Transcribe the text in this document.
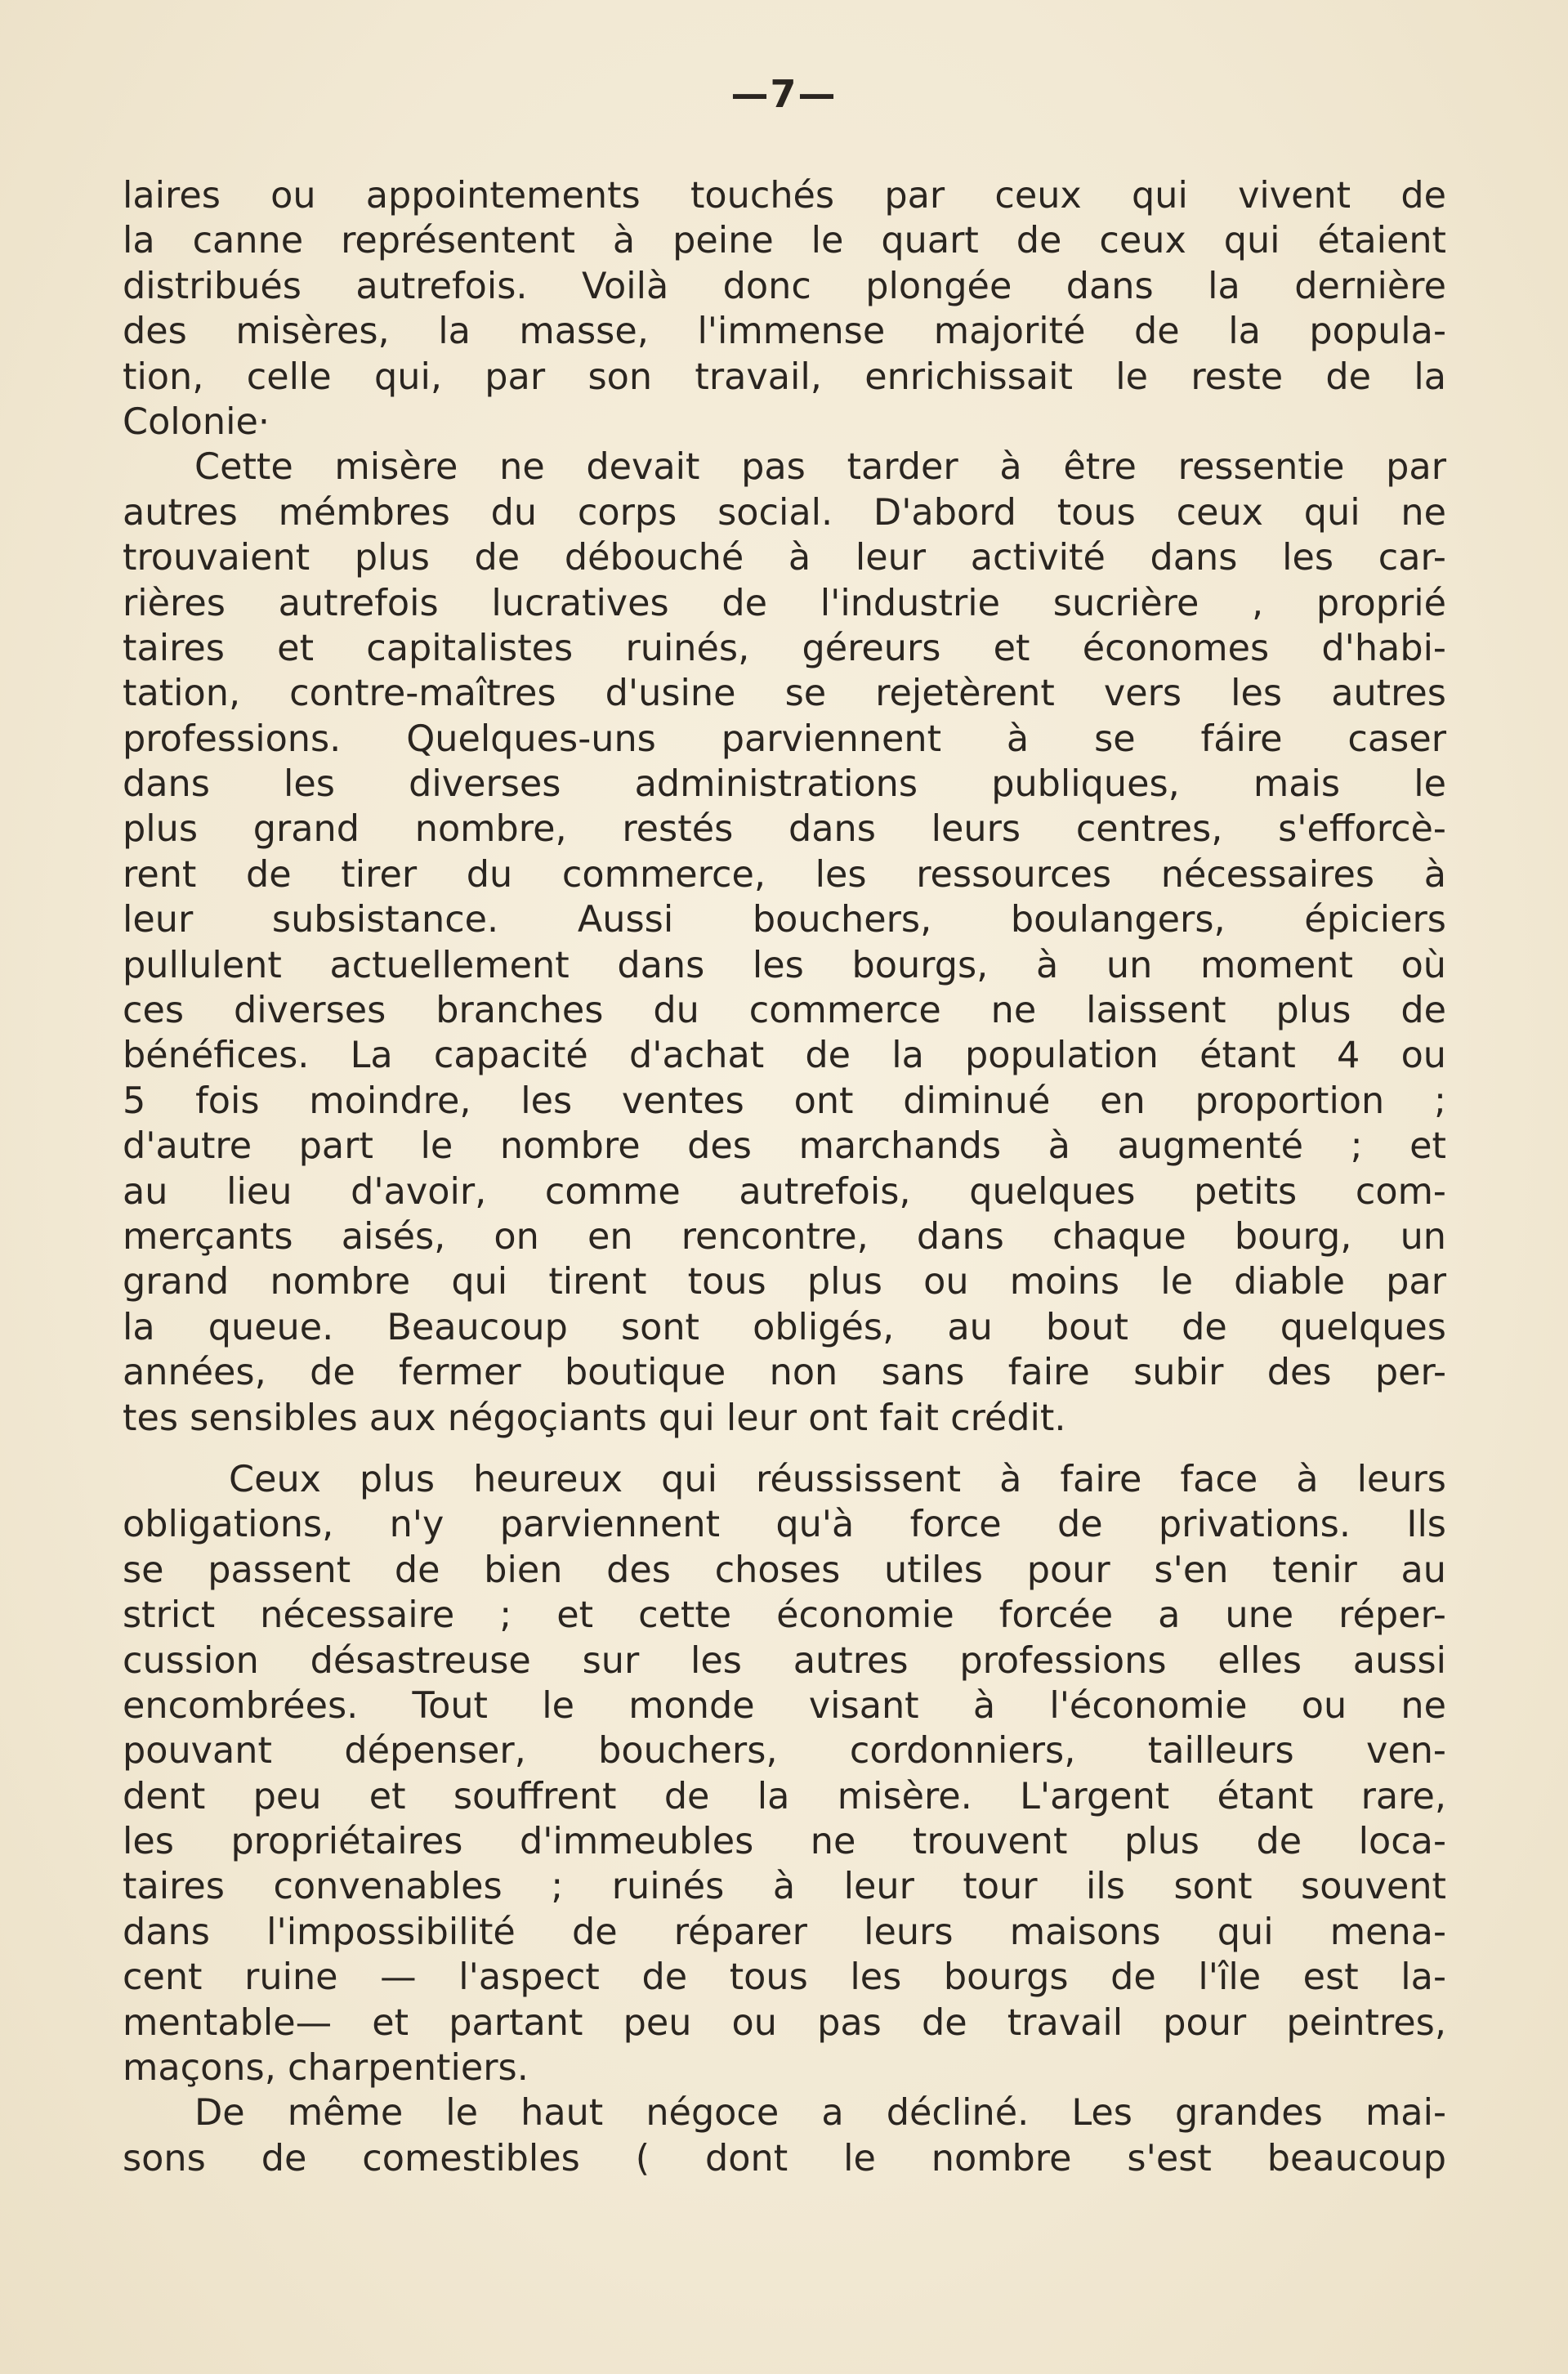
—7—
laires ou appointements touchés par ceux qui vivent de
la canne représentent à peine le quart de ceux qui étaient
distribués autrefois. Voilà donc plongée dans la dernière
des misères, la masse, l'immense majorité de la popula-
tion, celle qui, par son travail, enrichissait le reste de la
Colonie·
Cette misère ne devait pas tarder à être ressentie par
autres mémbres du corps social. D'abord tous ceux qui ne
trouvaient plus de débouché à leur activité dans les car-
rières autrefois lucratives de l'industrie sucrière , proprié
taires et capitalistes ruinés, géreurs et économes d'habi-
tation, contre-maîtres d'usine se rejetèrent vers les autres
professions. Quelques-uns parviennent à se fáire caser
dans les diverses administrations publiques, mais le
plus grand nombre, restés dans leurs centres, s'efforcè-
rent de tirer du commerce, les ressources nécessaires à
leur subsistance. Aussi bouchers, boulangers, épiciers
pullulent actuellement dans les bourgs, à un moment où
ces diverses branches du commerce ne laissent plus de
bénéfices. La capacité d'achat de la population étant 4 ou
5 fois moindre, les ventes ont diminué en proportion ;
d'autre part le nombre des marchands à augmenté ; et
au lieu d'avoir, comme autrefois, quelques petits com-
merçants aisés, on en rencontre, dans chaque bourg, un
grand nombre qui tirent tous plus ou moins le diable par
la queue. Beaucoup sont obligés, au bout de quelques
années, de fermer boutique non sans faire subir des per-
tes sensibles aux négoçiants qui leur ont fait crédit.
Ceux plus heureux qui réussissent à faire face à leurs
obligations, n'y parviennent qu'à force de privations. Ils
se passent de bien des choses utiles pour s'en tenir au
strict nécessaire ; et cette économie forcée a une réper-
cussion désastreuse sur les autres professions elles aussi
encombrées. Tout le monde visant à l'économie ou ne
pouvant dépenser, bouchers, cordonniers, tailleurs ven-
dent peu et souffrent de la misère. L'argent étant rare,
les propriétaires d'immeubles ne trouvent plus de loca-
taires convenables ; ruinés à leur tour ils sont souvent
dans l'impossibilité de réparer leurs maisons qui mena-
cent ruine — l'aspect de tous les bourgs de l'île est la-
mentable— et partant peu ou pas de travail pour peintres,
maçons, charpentiers.
De même le haut négoce a décliné. Les grandes mai-
sons de comestibles ( dont le nombre s'est beaucoup
